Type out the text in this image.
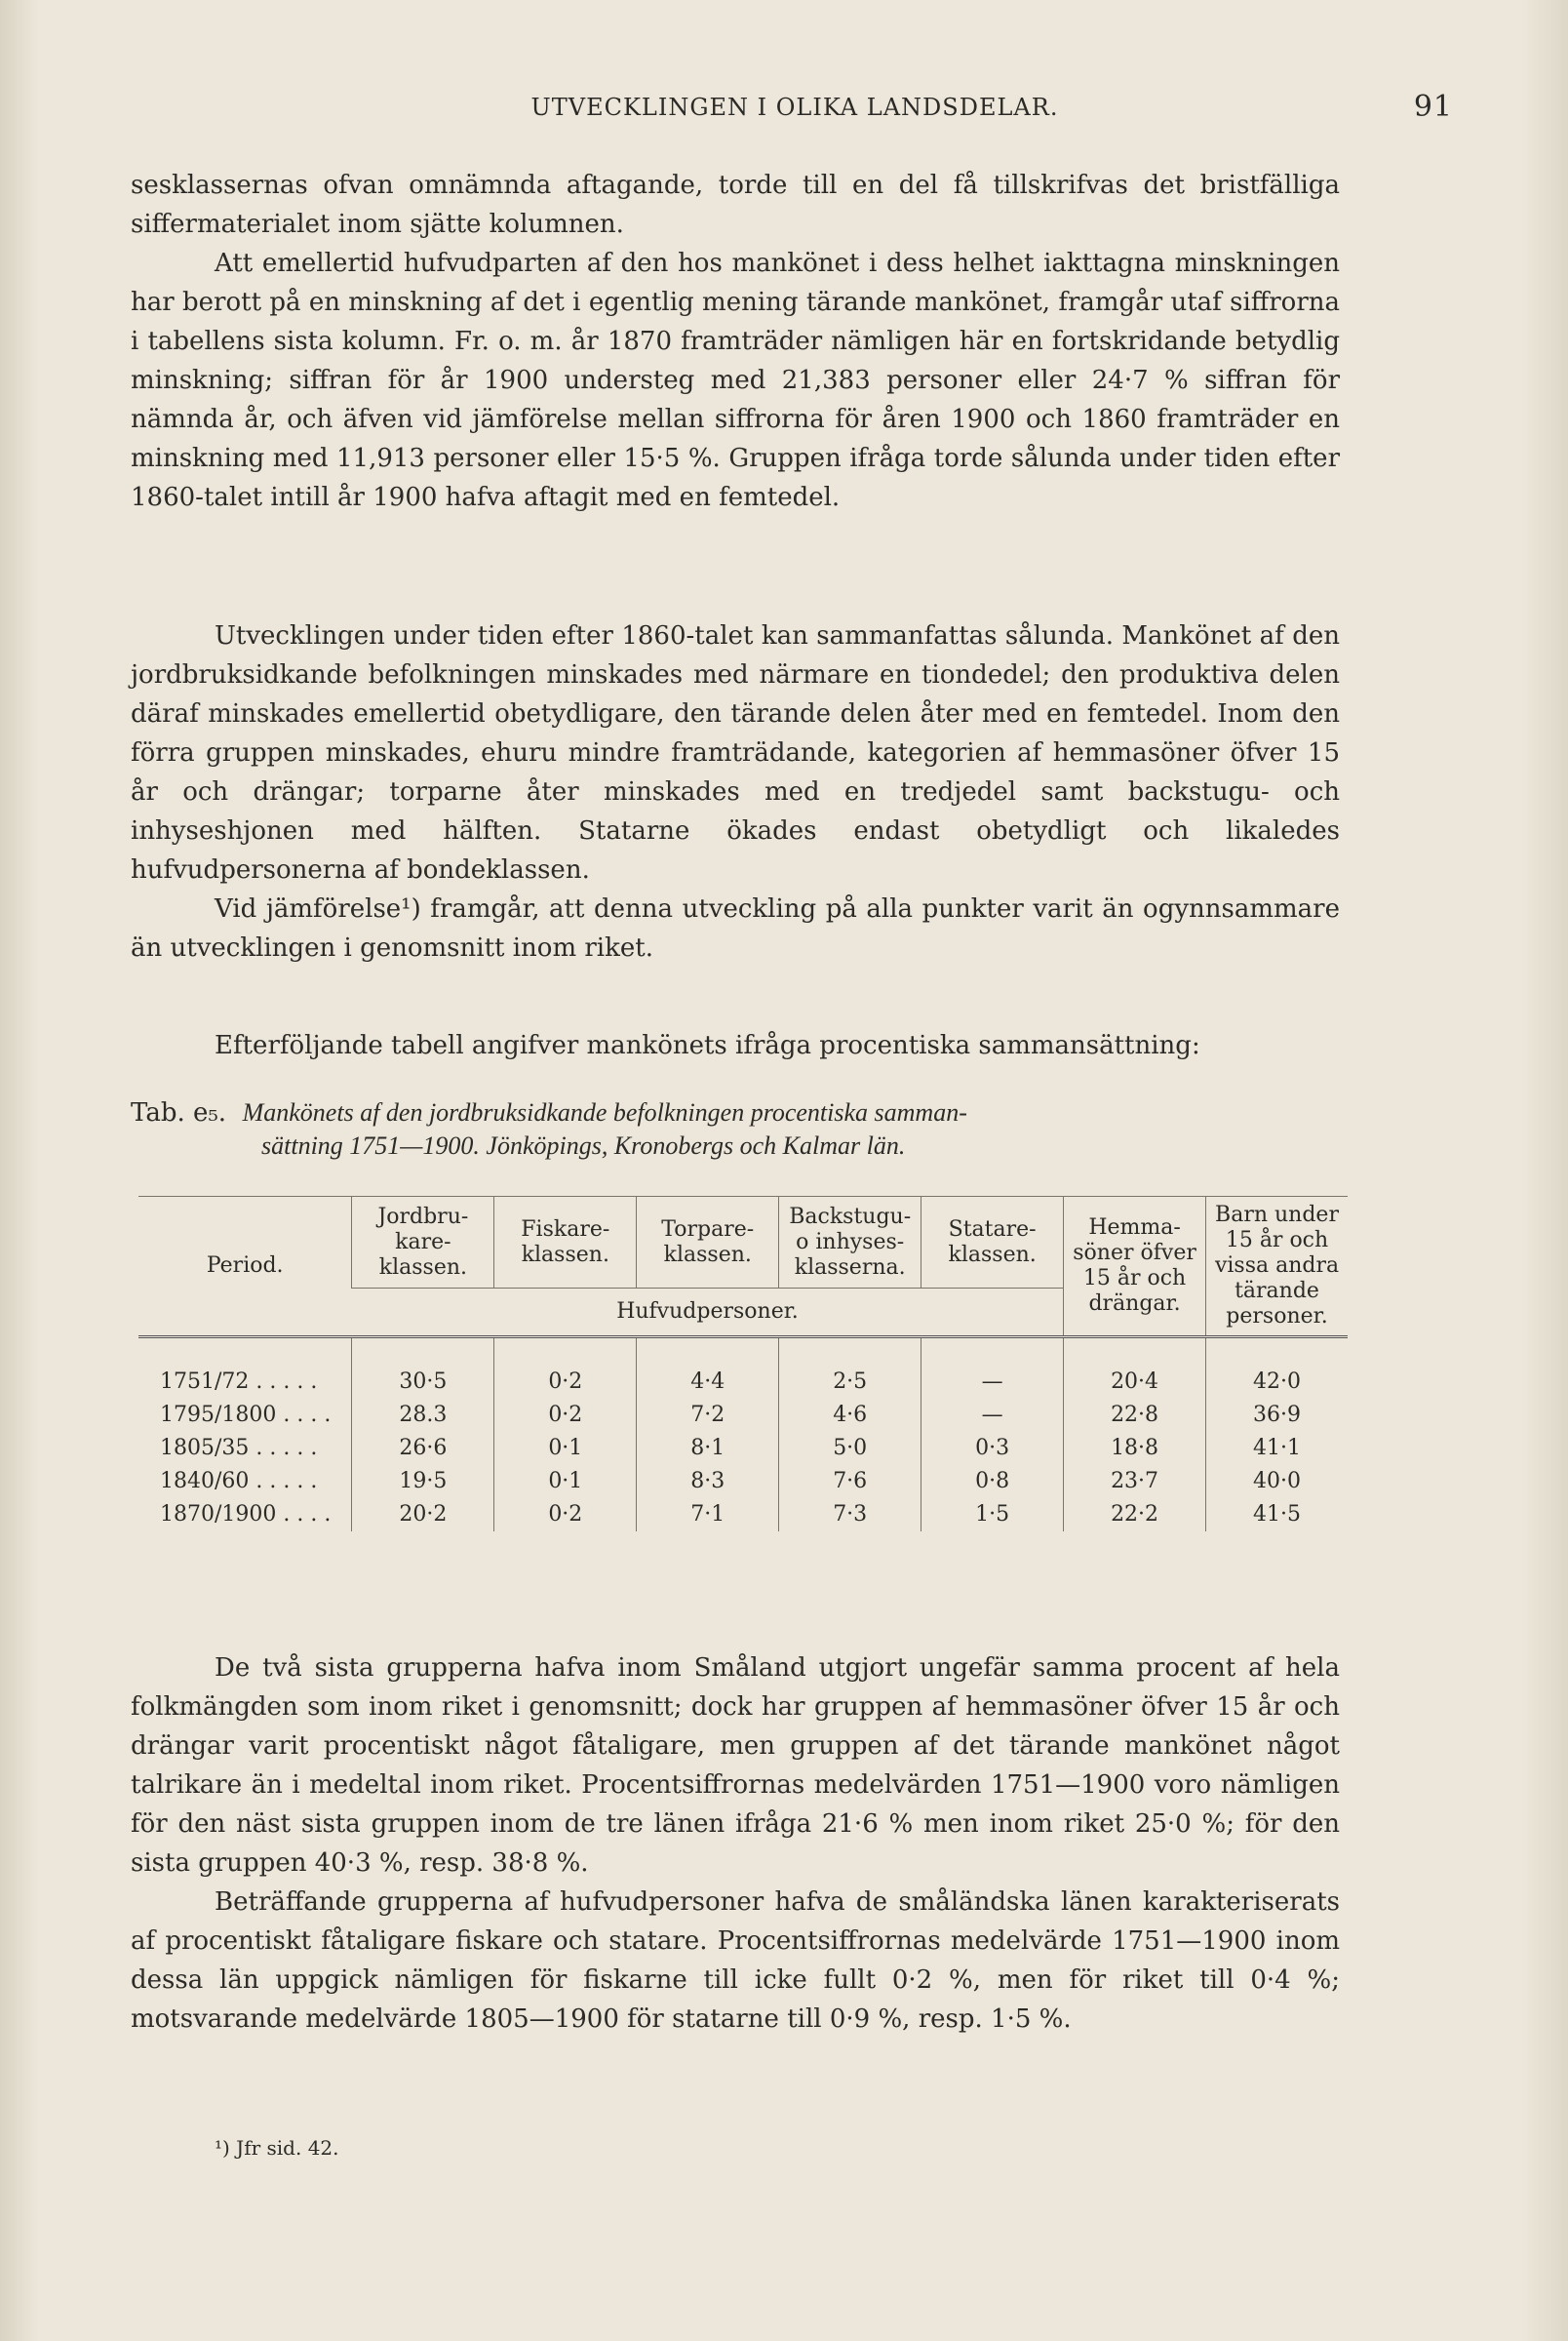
UTVECKLINGEN I OLIKA LANDSDELAR.	91

sesklassernas ofvan omnämnda aftagande, torde till en del få tillskrifvas det bristfälliga siffermaterialet inom sjätte kolumnen.

Att emellertid hufvudparten af den hos mankönet i dess helhet iakttagna minskningen har berott på en minskning af det i egentlig mening tärande mankönet, framgår utaf siffrorna i tabellens sista kolumn. Fr. o. m. år 1870 framträder nämligen här en fortskridande betydlig minskning; siffran för år 1900 understeg med 21,383 personer eller 24·7 % siffran för nämnda år, och äfven vid jämförelse mellan siffrorna för åren 1900 och 1860 framträder en minskning med 11,913 personer eller 15·5 %. Gruppen ifråga torde sålunda under tiden efter 1860-talet intill år 1900 hafva aftagit med en femtedel.

Utvecklingen under tiden efter 1860-talet kan sammanfattas sålunda. Mankönet af den jordbruksidkande befolkningen minskades med närmare en tiondedel; den produktiva delen däraf minskades emellertid obetydligare, den tärande delen åter med en femtedel. Inom den förra gruppen minskades, ehuru mindre framträdande, kategorien af hemmasöner öfver 15 år och drängar; torparne åter minskades med en tredjedel samt backstugu- och inhyseshjonen med hälften. Statarne ökades endast obetydligt och likaledes hufvudpersonerna af bondeklassen.

Vid jämförelse¹) framgår, att denna utveckling på alla punkter varit än ogynnsammare än utvecklingen i genomsnitt inom riket.

Efterföljande tabell angifver mankönets ifråga procentiska sammansättning:

Tab. e₅. Mankönets af den jordbruksidkande befolkningen procentiska samman-
sättning 1751—1900. Jönköpings, Kronobergs och Kalmar län.
Period.	Jordbrukareklassen.	Fiskareklassen.	Torpareklassen.	Backstugu- o inhysesklasserna.	Statareklassen.	Hemmasöner öfver 15 år och drängar.	Barn under 15 år och vissa andra tärande personer.
	Hufvudpersoner.						
1751/72 . . . . .	30·5	0·2	4·4	2·5	—	20·4	42·0
1795/1800 . . . .	28.3	0·2	7·2	4·6	—	22·8	36·9
1805/35 . . . . .	26·6	0·1	8·1	5·0	0·3	18·8	41·1
1840/60 . . . . .	19·5	0·1	8·3	7·6	0·8	23·7	40·0
1870/1900 . . . .	20·2	0·2	7·1	7·3	1·5	22·2	41·5

De två sista grupperna hafva inom Småland utgjort ungefär samma procent af hela folkmängden som inom riket i genomsnitt; dock har gruppen af hemmasöner öfver 15 år och drängar varit procentiskt något fåtaligare, men gruppen af det tärande mankönet något talrikare än i medeltal inom riket. Procentsiffrornas medelvärden 1751—1900 voro nämligen för den näst sista gruppen inom de tre länen ifråga 21·6 % men inom riket 25·0 %; för den sista gruppen 40·3 %, resp. 38·8 %.

Beträffande grupperna af hufvudpersoner hafva de småländska länen karakteriserats af procentiskt fåtaligare fiskare och statare. Procentsiffrornas medelvärde 1751—1900 inom dessa län uppgick nämligen för fiskarne till icke fullt 0·2 %, men för riket till 0·4 %; motsvarande medelvärde 1805—1900 för statarne till 0·9 %, resp. 1·5 %.

¹) Jfr sid. 42.
